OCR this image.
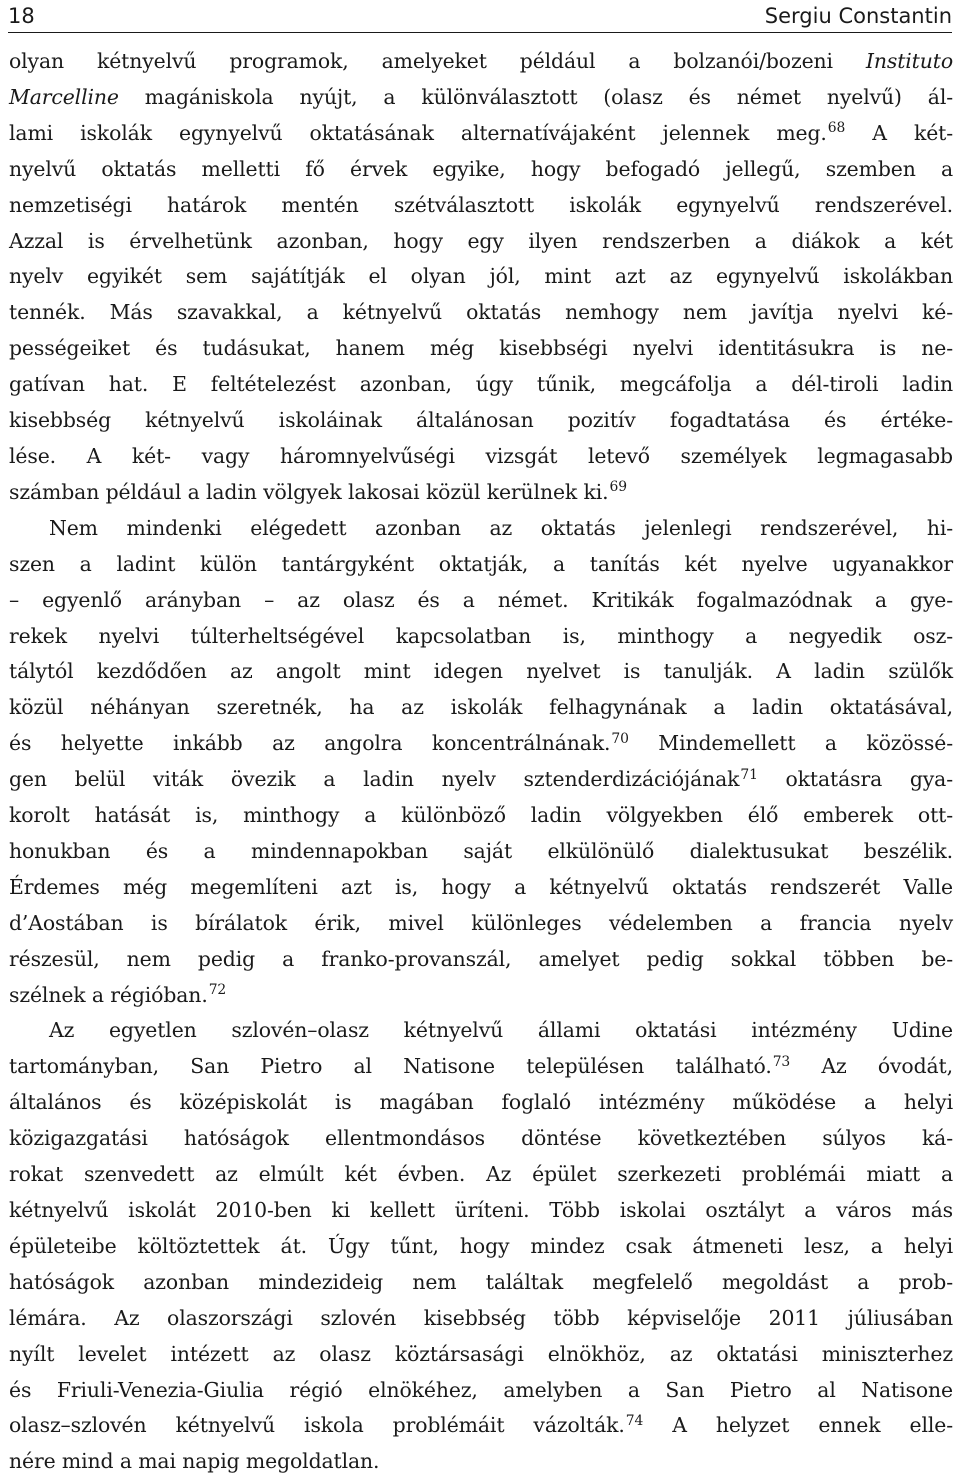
18	Sergiu Constantin
olyan kétnyelvű programok, amelyeket például a bolzanói/bozeni Instituto
Marcelline magániskola nyújt, a különválasztott (olasz és német nyelvű) ál-
lami iskolák egynyelvű oktatásának alternatívájaként jelennek meg.$^{68}$ A két-
nyelvű oktatás melletti fő érvek egyike, hogy befogadó jellegű, szemben a
nemzetiségi határok mentén szétválasztott iskolák egynyelvű rendszerével.
Azzal is érvelhetünk azonban, hogy egy ilyen rendszerben a diákok a két
nyelv egyikét sem sajátítják el olyan jól, mint azt az egynyelvű iskolákban
tennék. Más szavakkal, a kétnyelvű oktatás nemhogy nem javítja nyelvi ké-
pességeiket és tudásukat, hanem még kisebbségi nyelvi identitásukra is ne-
gatívan hat. E feltételezést azonban, úgy tűnik, megcáfolja a dél-tiroli ladin
kisebbség kétnyelvű iskoláinak általánosan pozitív fogadtatása és értéke-
lése. A két- vagy háromnyelvűségi vizsgát letevő személyek legmagasabb
számban például a ladin völgyek lakosai közül kerülnek ki.$^{69}$
Nem mindenki elégedett azonban az oktatás jelenlegi rendszerével, hi-
szen a ladint külön tantárgyként oktatják, a tanítás két nyelve ugyanakkor
– egyenlő arányban – az olasz és a német. Kritikák fogalmazódnak a gye-
rekek nyelvi túlterheltségével kapcsolatban is, minthogy a negyedik osz-
tálytól kezdődően az angolt mint idegen nyelvet is tanulják. A ladin szülők
közül néhányan szeretnék, ha az iskolák felhagynának a ladin oktatásával,
és helyette inkább az angolra koncentrálnának.$^{70}$ Mindemellett a közössé-
gen belül viták övezik a ladin nyelv sztenderdizációjának$^{71}$ oktatásra gya-
korolt hatását is, minthogy a különböző ladin völgyekben élő emberek ott-
honukban és a mindennapokban saját elkülönülő dialektusukat beszélik.
Érdemes még megemlíteni azt is, hogy a kétnyelvű oktatás rendszerét Valle
d’Aostában is bírálatok érik, mivel különleges védelemben a francia nyelv
részesül, nem pedig a franko-provanszál, amelyet pedig sokkal többen be-
szélnek a régióban.$^{72}$
Az egyetlen szlovén–olasz kétnyelvű állami oktatási intézmény Udine
tartományban, San Pietro al Natisone településen található.$^{73}$ Az óvodát,
általános és középiskolát is magában foglaló intézmény működése a helyi
közigazgatási hatóságok ellentmondásos döntése következtében súlyos ká-
rokat szenvedett az elmúlt két évben. Az épület szerkezeti problémái miatt a
kétnyelvű iskolát 2010-ben ki kellett üríteni. Több iskolai osztályt a város más
épületeibe költöztettek át. Úgy tűnt, hogy mindez csak átmeneti lesz, a helyi
hatóságok azonban mindezideig nem találtak megfelelő megoldást a prob-
lémára. Az olaszországi szlovén kisebbség több képviselője 2011 júliusában
nyílt levelet intézett az olasz köztársasági elnökhöz, az oktatási miniszterhez
és Friuli-Venezia-Giulia régió elnökéhez, amelyben a San Pietro al Natisone
olasz–szlovén kétnyelvű iskola problémáit vázolták.$^{74}$ A helyzet ennek elle-
nére mind a mai napig megoldatlan.
